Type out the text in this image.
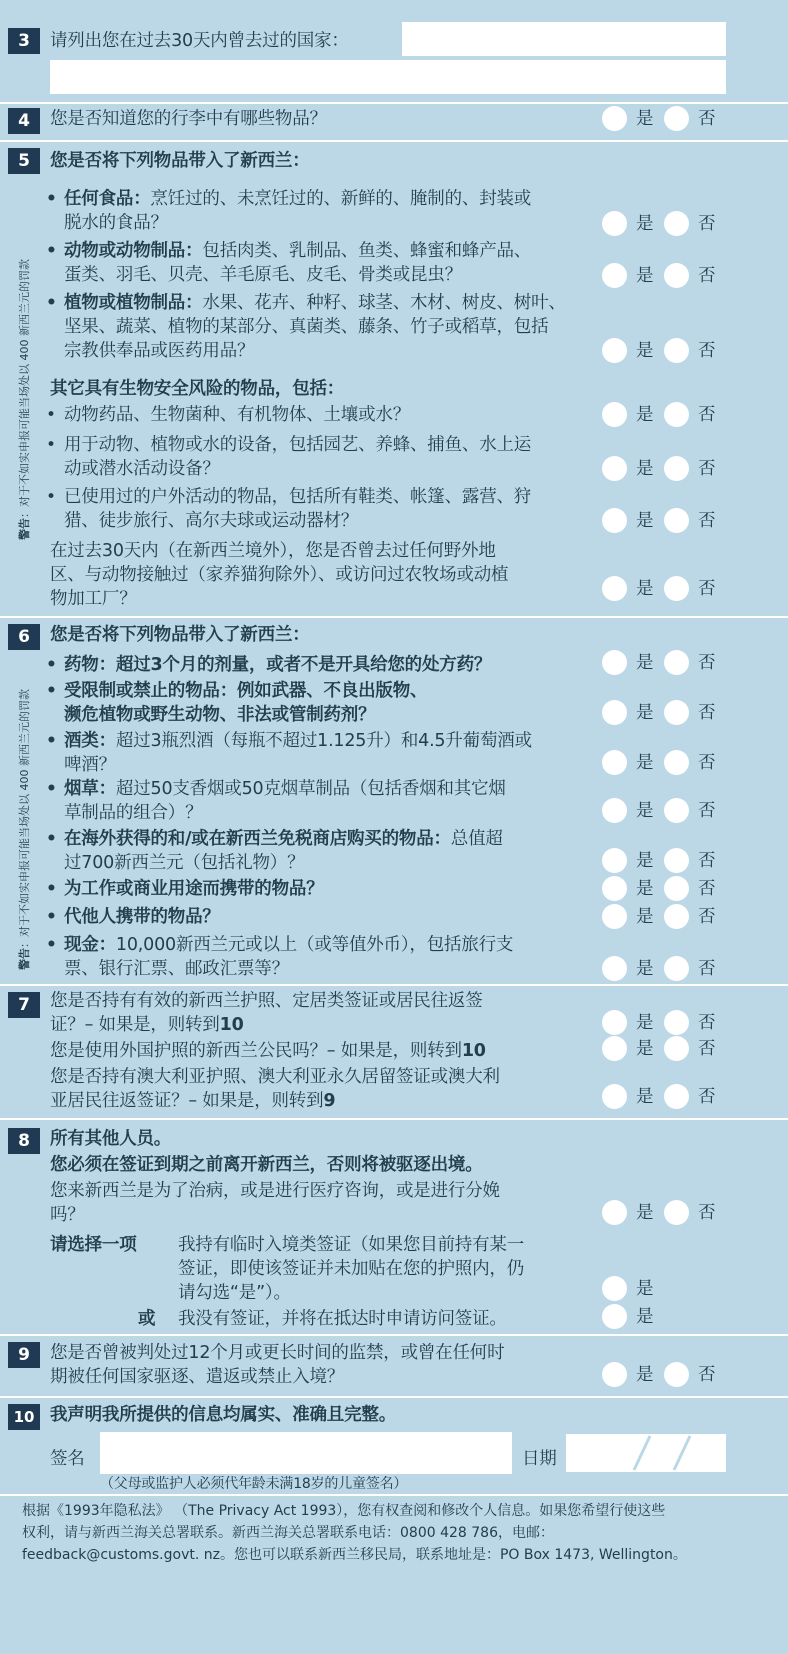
3	请列出您在过去30天内曾去过的国家：
4	您是否知道您的行李中有哪些物品？	是	否
5	您是否将下列物品带入了新西兰：
警告：对于不如实申报可能当场处以 400 新西兰元的罚款
• 任何食品：烹饪过的、未烹饪过的、新鲜的、腌制的、封装或
脱水的食品？	是	否
• 动物或动物制品：包括肉类、乳制品、鱼类、蜂蜜和蜂产品、
蛋类、羽毛、贝壳、羊毛原毛、皮毛、骨类或昆虫？	是	否
• 植物或植物制品：水果、花卉、种籽、球茎、木材、树皮、树叶、
坚果、蔬菜、植物的某部分、真菌类、藤条、竹子或稻草，包括
宗教供奉品或医药用品？	是	否
其它具有生物安全风险的物品，包括：
• 动物药品、生物菌种、有机物体、土壤或水？	是	否
• 用于动物、植物或水的设备，包括园艺、养蜂、捕鱼、水上运
动或潜水活动设备？	是	否
• 已使用过的户外活动的物品，包括所有鞋类、帐篷、露营、狩
猎、徒步旅行、高尔夫球或运动器材？	是	否
在过去30天内（在新西兰境外），您是否曾去过任何野外地
区、与动物接触过（家养猫狗除外）、或访问过农牧场或动植
物加工厂？	是	否
6	您是否将下列物品带入了新西兰：
警告：对于不如实申报可能当场处以 400 新西兰元的罚款
• 药物：超过3个月的剂量，或者不是开具给您的处方药？	是	否
• 受限制或禁止的物品：例如武器、不良出版物、
濒危植物或野生动物、非法或管制药剂？	是	否
• 酒类：超过3瓶烈酒（每瓶不超过1.125升）和4.5升葡萄酒或
啤酒？	是	否
• 烟草：超过50支香烟或50克烟草制品（包括香烟和其它烟
草制品的组合）？	是	否
• 在海外获得的和/或在新西兰免税商店购买的物品：总值超
过700新西兰元（包括礼物）？	是	否
• 为工作或商业用途而携带的物品？	是	否
• 代他人携带的物品？	是	否
• 现金：10,000新西兰元或以上（或等值外币），包括旅行支
票、银行汇票、邮政汇票等？	是	否
7	您是否持有有效的新西兰护照、定居类签证或居民往返签
证？– 如果是，则转到10	是	否
您是使用外国护照的新西兰公民吗？– 如果是，则转到10	是	否
您是否持有澳大利亚护照、澳大利亚永久居留签证或澳大利
亚居民往返签证？– 如果是，则转到9	是	否
8	所有其他人员。
您必须在签证到期之前离开新西兰，否则将被驱逐出境。
您来新西兰是为了治病，或是进行医疗咨询，或是进行分娩
吗？	是	否
请选择一项 我持有临时入境类签证（如果您目前持有某一
签证，即使该签证并未加贴在您的护照内，仍
请勾选“是”）。	是
或 我没有签证，并将在抵达时申请访问签证。	是
9	您是否曾被判处过12个月或更长时间的监禁，或曾在任何时
期被任何国家驱逐、遣返或禁止入境？	是	否
10 我声明我所提供的信息均属实、准确且完整。
签名	日期
（父母或监护人必须代年龄未满18岁的儿童签名）
根据《1993年隐私法》 （The Privacy Act 1993），您有权查阅和修改个人信息。如果您希望行使这些
权利，请与新西兰海关总署联系。新西兰海关总署联系电话：0800 428 786，电邮：
feedback@customs.govt. nz。您也可以联系新西兰移民局，联系地址是：PO Box 1473, Wellington。
